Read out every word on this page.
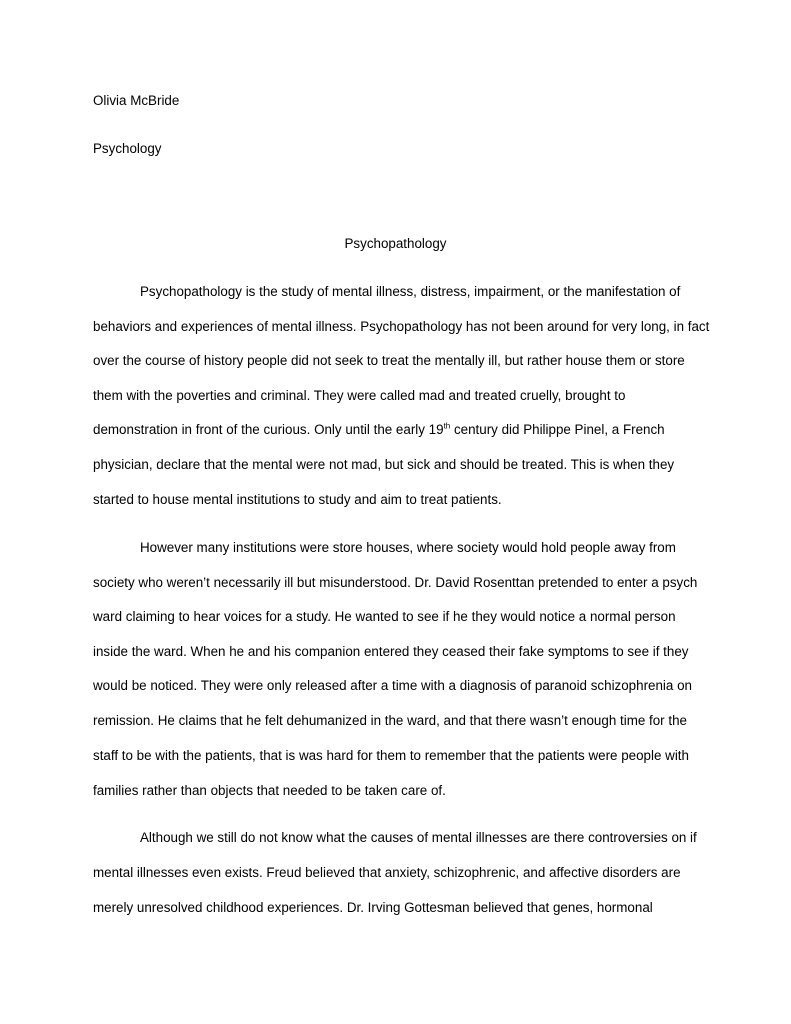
Olivia McBride
Psychology
Psychopathology
Psychopathology is the study of mental illness, distress, impairment, or the manifestation of
behaviors and experiences of mental illness. Psychopathology has not been around for very long, in fact
over the course of history people did not seek to treat the mentally ill, but rather house them or store
them with the poverties and criminal. They were called mad and treated cruelly, brought to
demonstration in front of the curious. Only until the early 19th century did Philippe Pinel, a French
physician, declare that the mental were not mad, but sick and should be treated. This is when they
started to house mental institutions to study and aim to treat patients.
However many institutions were store houses, where society would hold people away from
society who weren’t necessarily ill but misunderstood. Dr. David Rosenttan pretended to enter a psych
ward claiming to hear voices for a study. He wanted to see if he they would notice a normal person
inside the ward. When he and his companion entered they ceased their fake symptoms to see if they
would be noticed. They were only released after a time with a diagnosis of paranoid schizophrenia on
remission. He claims that he felt dehumanized in the ward, and that there wasn’t enough time for the
staff to be with the patients, that is was hard for them to remember that the patients were people with
families rather than objects that needed to be taken care of.
Although we still do not know what the causes of mental illnesses are there controversies on if
mental illnesses even exists. Freud believed that anxiety, schizophrenic, and affective disorders are
merely unresolved childhood experiences. Dr. Irving Gottesman believed that genes, hormonal
